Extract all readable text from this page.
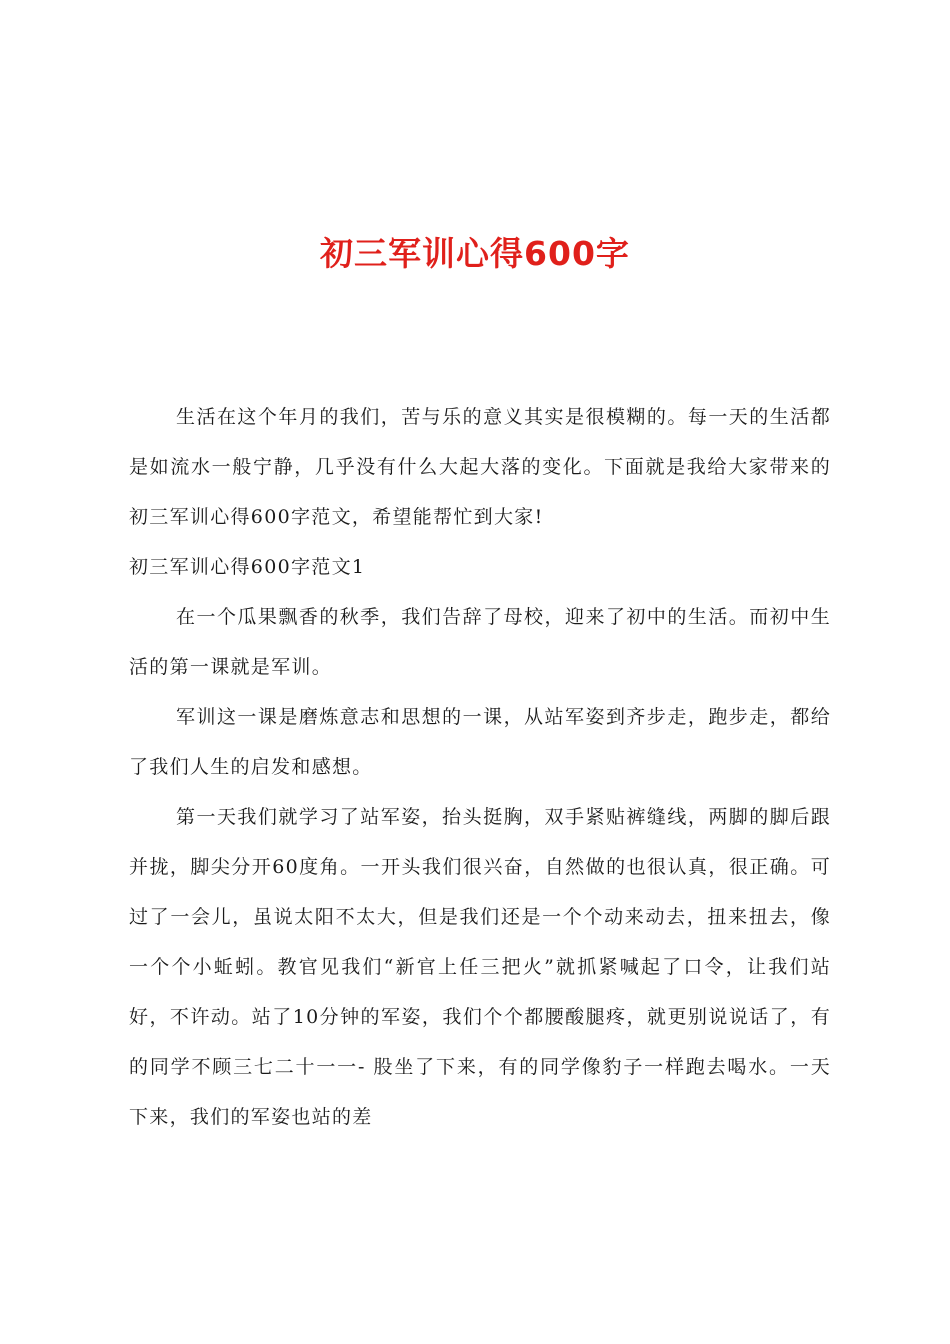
初三军训心得600字

生活在这个年月的我们，苦与乐的意义其实是很模糊的。每一天的生活都是如流水一般宁静，几乎没有什么大起大落的变化。下面就是我给大家带来的初三军训心得600字范文，希望能帮忙到大家!

初三军训心得600字范文1

在一个瓜果飘香的秋季，我们告辞了母校，迎来了初中的生活。而初中生活的第一课就是军训。

军训这一课是磨炼意志和思想的一课，从站军姿到齐步走，跑步走，都给了我们人生的启发和感想。

第一天我们就学习了站军姿，抬头挺胸，双手紧贴裤缝线，两脚的脚后跟并拢，脚尖分开60度角。一开头我们很兴奋，自然做的也很认真，很正确。可过了一会儿，虽说太阳不太大，但是我们还是一个个动来动去，扭来扭去，像一个个小蚯蚓。教官见我们“新官上任三把火”就抓紧喊起了口令，让我们站好，不许动。站了10分钟的军姿，我们个个都腰酸腿疼，就更别说说话了，有的同学不顾三七二十一一- 股坐了下来，有的同学像豹子一样跑去喝水。一天下来，我们的军姿也站的差
